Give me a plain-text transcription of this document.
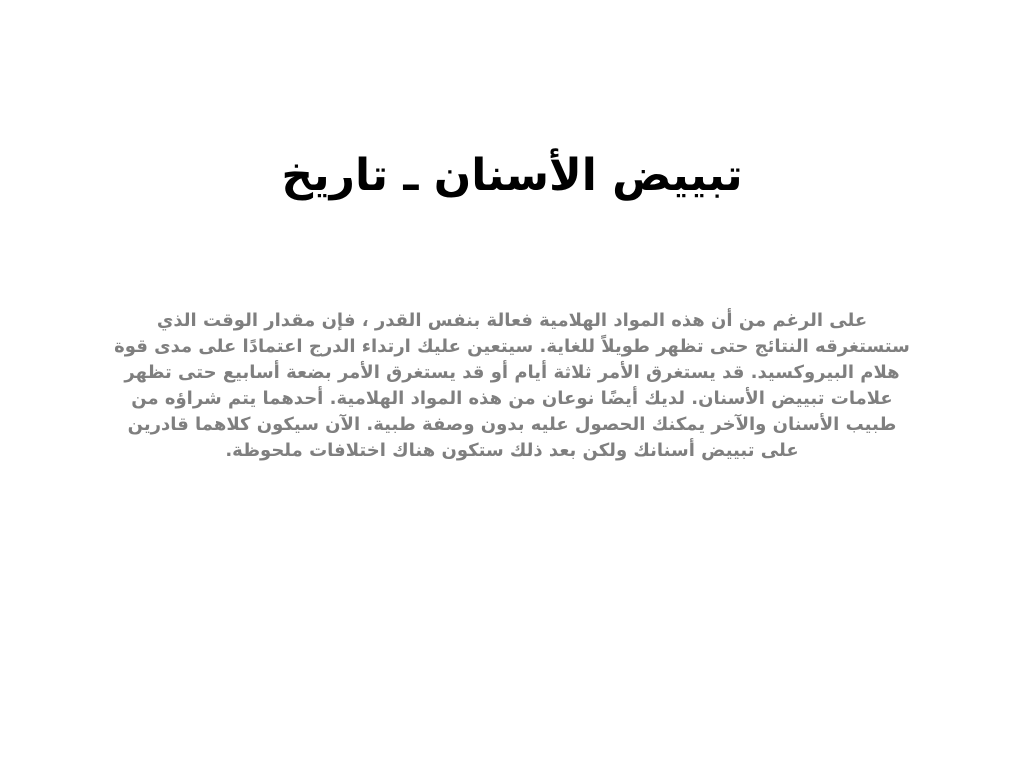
تبييض الأسنان ـ تاريخ

على الرغم من أن هذه المواد الهلامية فعالة بنفس القدر ، فإن مقدار الوقت الذي ستستغرقه النتائج حتى تظهر طويلاً للغاية. سيتعين عليك ارتداء الدرج اعتمادًا على مدى قوة هلام البيروكسيد. قد يستغرق الأمر ثلاثة أيام أو قد يستغرق الأمر بضعة أسابيع حتى تظهر علامات تبييض الأسنان. لديك أيضًا نوعان من هذه المواد الهلامية. أحدهما يتم شراؤه من طبيب الأسنان والآخر يمكنك الحصول عليه بدون وصفة طبية. الآن سيكون كلاهما قادرين على تبييض أسنانك ولكن بعد ذلك ستكون هناك اختلافات ملحوظة.
